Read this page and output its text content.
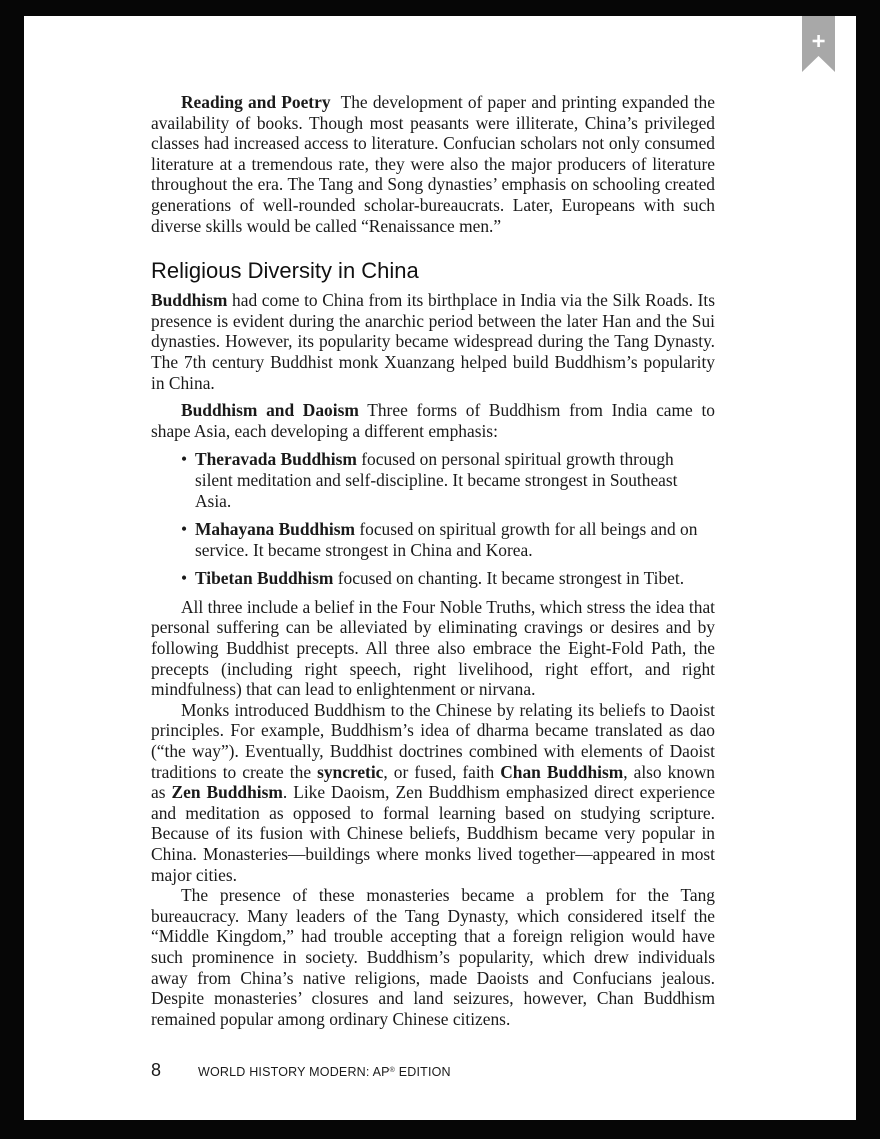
Reading and Poetry The development of paper and printing expanded the availability of books. Though most peasants were illiterate, China’s privileged classes had increased access to literature. Confucian scholars not only consumed literature at a tremendous rate, they were also the major producers of literature throughout the era. The Tang and Song dynasties’ emphasis on schooling created generations of well-rounded scholar-bureaucrats. Later, Europeans with such diverse skills would be called “Renaissance men.”

Religious Diversity in China

Buddhism had come to China from its birthplace in India via the Silk Roads. Its presence is evident during the anarchic period between the later Han and the Sui dynasties. However, its popularity became widespread during the Tang Dynasty. The 7th century Buddhist monk Xuanzang helped build Buddhism’s popularity in China.

Buddhism and Daoism Three forms of Buddhism from India came to shape Asia, each developing a different emphasis:

• Theravada Buddhism focused on personal spiritual growth through silent meditation and self-discipline. It became strongest in Southeast Asia.
• Mahayana Buddhism focused on spiritual growth for all beings and on service. It became strongest in China and Korea.
• Tibetan Buddhism focused on chanting. It became strongest in Tibet.

All three include a belief in the Four Noble Truths, which stress the idea that personal suffering can be alleviated by eliminating cravings or desires and by following Buddhist precepts. All three also embrace the Eight-Fold Path, the precepts (including right speech, right livelihood, right effort, and right mindfulness) that can lead to enlightenment or nirvana.

Monks introduced Buddhism to the Chinese by relating its beliefs to Daoist principles. For example, Buddhism’s idea of dharma became translated as dao (“the way”). Eventually, Buddhist doctrines combined with elements of Daoist traditions to create the syncretic, or fused, faith Chan Buddhism, also known as Zen Buddhism. Like Daoism, Zen Buddhism emphasized direct experience and meditation as opposed to formal learning based on studying scripture. Because of its fusion with Chinese beliefs, Buddhism became very popular in China. Monasteries—buildings where monks lived together—appeared in most major cities.

The presence of these monasteries became a problem for the Tang bureaucracy. Many leaders of the Tang Dynasty, which considered itself the “Middle Kingdom,” had trouble accepting that a foreign religion would have such prominence in society. Buddhism’s popularity, which drew individuals away from China’s native religions, made Daoists and Confucians jealous. Despite monasteries’ closures and land seizures, however, Chan Buddhism remained popular among ordinary Chinese citizens.

8	WORLD HISTORY MODERN: AP® EDITION
